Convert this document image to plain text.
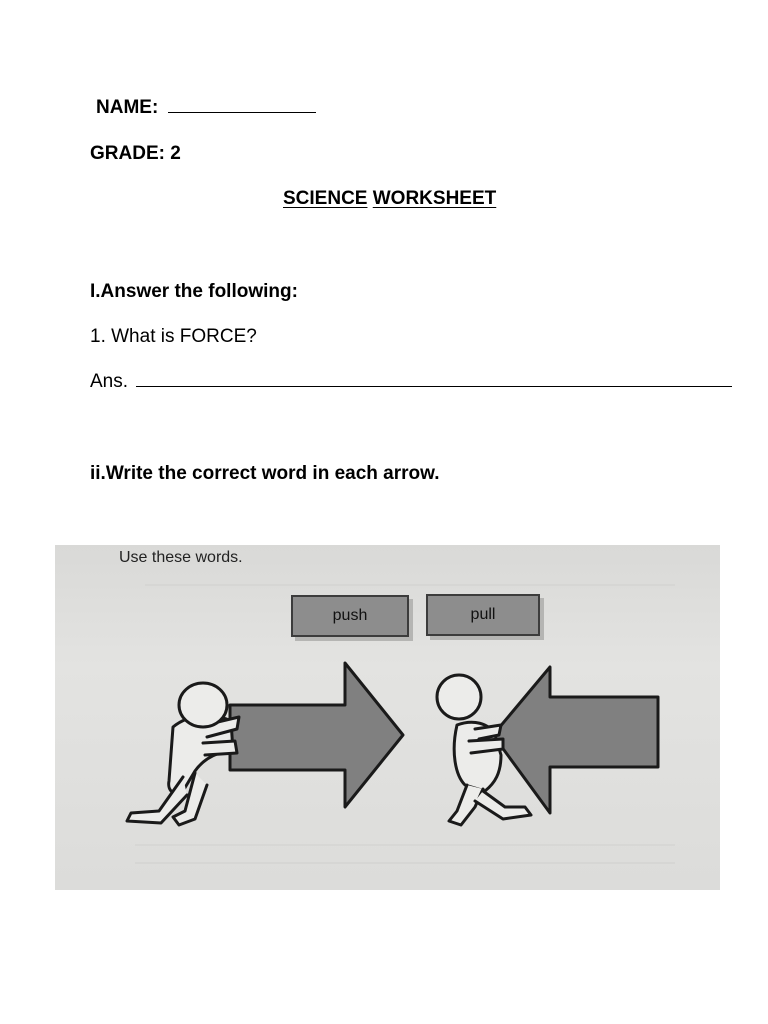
NAME:
GRADE: 2
SCIENCE WORKSHEET
I.Answer the following:
1. What is FORCE?
Ans.
ii.Write the correct word in each arrow.
Use these words.
push	pull
